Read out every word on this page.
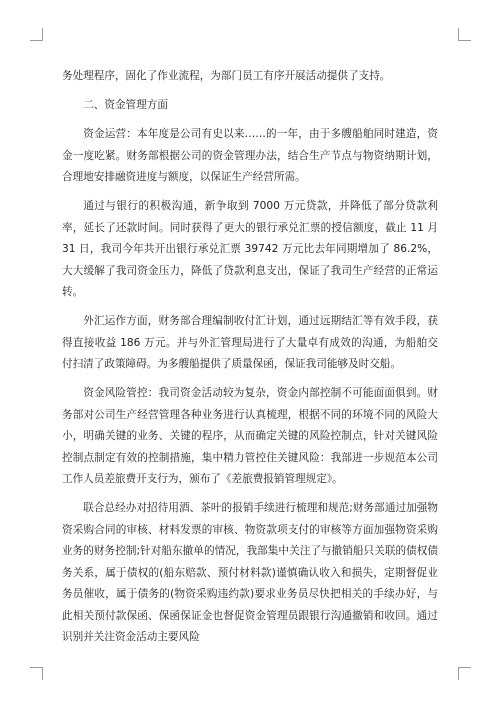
务处理程序，固化了作业流程，为部门员工有序开展活动提供了支持。

二、资金管理方面

资金运营：本年度是公司有史以来……的一年，由于多艘船舶同时建造，资金一度吃紧。财务部根据公司的资金管理办法，结合生产节点与物资纳期计划，合理地安排融资进度与额度，以保证生产经营所需。

通过与银行的积极沟通，新争取到 7000 万元贷款，并降低了部分贷款利率，延长了还款时间。同时获得了更大的银行承兑汇票的授信额度，截止 11 月 31 日，我司今年共开出银行承兑汇票 39742 万元比去年同期增加了 86.2%，大大缓解了我司资金压力，降低了贷款利息支出，保证了我司生产经营的正常运转。

外汇运作方面，财务部合理编制收付汇计划，通过远期结汇等有效手段，获得直接收益 186 万元。并与外汇管理局进行了大量卓有成效的沟通，为船舶交付扫清了政策障碍。为多艘船提供了质量保函，保证我司能够及时交船。

资金风险管控：我司资金活动较为复杂，资金内部控制不可能面面俱到。财务部对公司生产经营管理各种业务进行认真梳理，根据不同的环境不同的风险大小，明确关键的业务、关键的程序，从而确定关键的风险控制点，针对关键风险控制点制定有效的控制措施，集中精力管控住关键风险：我部进一步规范本公司工作人员差旅费开支行为，颁布了《差旅费报销管理规定》。

联合总经办对招待用酒、茶叶的报销手续进行梳理和规范;财务部通过加强物资采购合同的审核、材料发票的审核、物资款项支付的审核等方面加强物资采购业务的财务控制;针对船东撤单的情况，我部集中关注了与撤销船只关联的债权债务关系，属于债权的(船东赔款、预付材料款)谨慎确认收入和损失，定期督促业务员催收，属于债务的(物资采购违约款)要求业务员尽快把相关的手续办好，与此相关预付款保函、保函保证金也督促资金管理员跟银行沟通撤销和收回。通过识别并关注资金活动主要风险
